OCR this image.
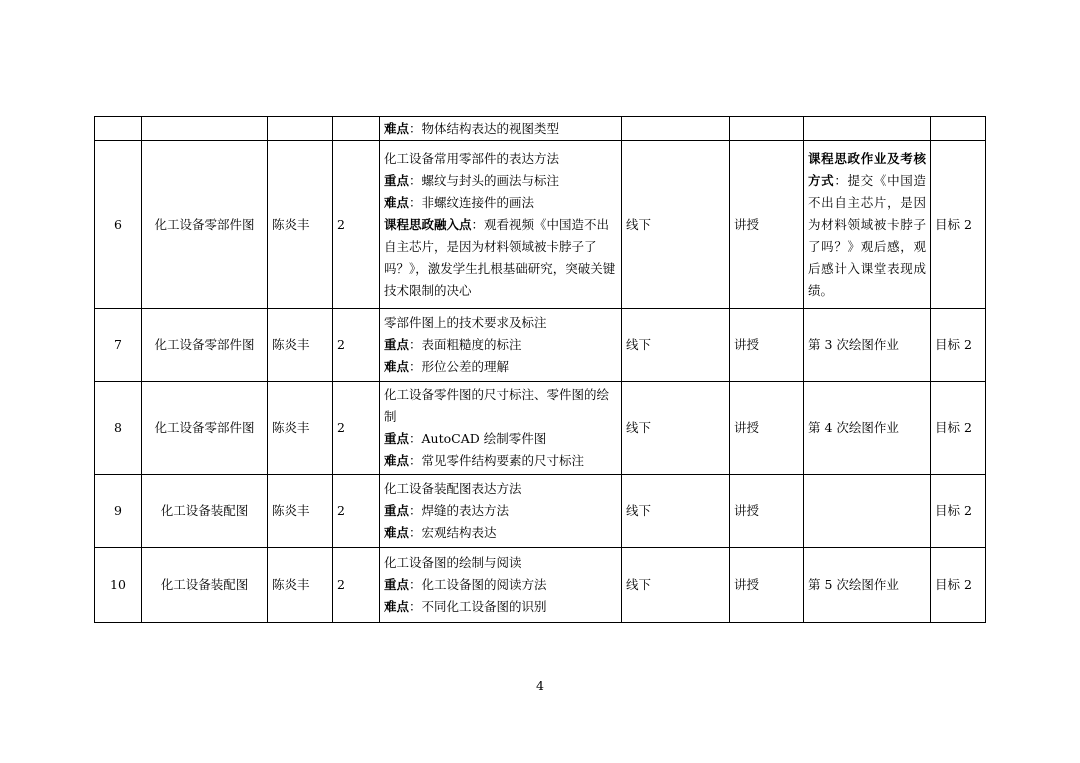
				难点：物体结构表达的视图类型				

6	化工设备零部件图	陈炎丰	2	化工设备常用零部件的表达方法
重点：螺纹与封头的画法与标注
难点：非螺纹连接件的画法
课程思政融入点：观看视频《中国造不出自主芯片，是因为材料领域被卡脖子了吗？》，激发学生扎根基础研究，突破关键技术限制的决心	线下	讲授	课程思政作业及考核方式：提交《中国造不出自主芯片，是因为材料领域被卡脖子了吗？》观后感，观后感计入课堂表现成绩。	目标 2
7	化工设备零部件图	陈炎丰	2	零部件图上的技术要求及标注
重点：表面粗糙度的标注
难点：形位公差的理解	线下	讲授	第 3 次绘图作业	目标 2
8	化工设备零部件图	陈炎丰	2	化工设备零件图的尺寸标注、零件图的绘制
重点：AutoCAD 绘制零件图
难点：常见零件结构要素的尺寸标注	线下	讲授	第 4 次绘图作业	目标 2
9	化工设备装配图	陈炎丰	2	化工设备装配图表达方法
重点：焊缝的表达方法
难点：宏观结构表达	线下	讲授		目标 2
10	化工设备装配图	陈炎丰	2	化工设备图的绘制与阅读
重点：化工设备图的阅读方法
难点：不同化工设备图的识别	线下	讲授	第 5 次绘图作业	目标 2
4
